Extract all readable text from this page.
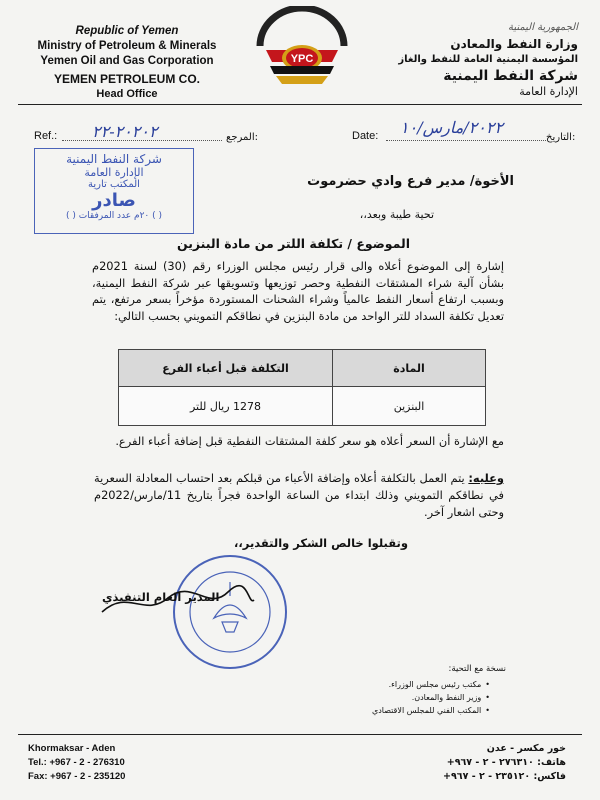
Republic of Yemen
Ministry of Petroleum & Minerals
Yemen Oil and Gas Corporation
YEMEN PETROLEUM CO.
Head Office
YPC
الجمهورية اليمنية
وزارة النفط والمعادن
المؤسسة اليمنية العامة للنفط والغاز
شركة النفط اليمنية
الإدارة العامة
Ref.: ٢٠٢٠٢-٢٢	المرجع:	Date: ٢٠٢٢/مارس/١٠
التاريخ:
شركة النفط اليمنية
الإدارة العامة
المكتب تارية
صادر
( ) ٢٠م عدد المرفقات ( )
الأخوة/ مدير فرع وادي حضرموت
تحية طيبة وبعد،،
الموضوع / تكلفة اللتر من مادة البنزين
إشارة إلى الموضوع أعلاه والى قرار رئيس مجلس الوزراء رقم (30) لسنة 2021م بشأن آلية شراء المشتقات النفطية وحصر توزيعها وتسويقها عبر شركة النفط اليمنية، وبسبب ارتفاع أسعار النفط عالمياً وشراء الشحنات المستوردة مؤخراً بسعر مرتفع، يتم تعديل تكلفة السداد للتر الواحد من مادة البنزين في نطاقكم التمويني بحسب التالي:
المادة	التكلفة قبل أعباء الفرع
البنزين	1278 ريال للتر
مع الإشارة أن السعر أعلاه هو سعر كلفة المشتقات النفطية قبل إضافة أعباء الفرع.
وعليه: يتم العمل بالتكلفة أعلاه وإضافة الأعباء من قبلكم بعد احتساب المعادلة السعرية في نطاقكم التمويني وذلك ابتداء من الساعة الواحدة فجراً بتاريخ 11/مارس/2022م وحتى اشعار آخر.
وتقبلوا خالص الشكر والتقدير،،
المدير العام التنفيذي
نسخة مع التحية:
• مكتب رئيس مجلس الوزراء.
• وزير النفط والمعادن.
• المكتب الفني للمجلس الاقتصادي
Khormaksar - Aden
Tel.: +967 - 2 - 276310
Fax: +967 - 2 - 235120
خور مكسر - عدن
هاتف: ٢٧٦٣١٠ - ٢ - ٩٦٧+
فاكس: ٢٣٥١٢٠ - ٢ - ٩٦٧+
